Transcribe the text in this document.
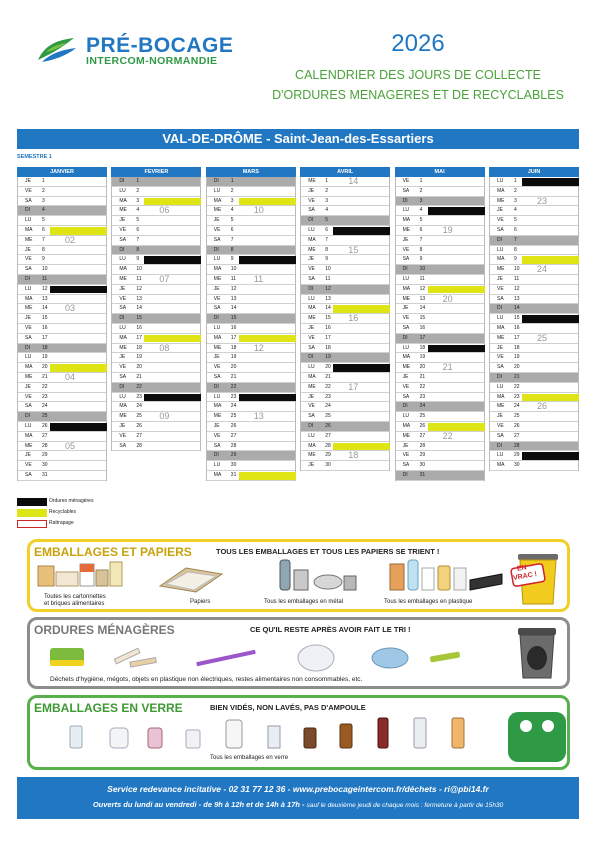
PRÉ-BOCAGE
INTERCOM-NORMANDIE
2026
CALENDRIER DES JOURS DE COLLECTE
D'ORDURES MENAGERES ET DE RECYCLABLES
VAL-DE-DRÔME - Saint-Jean-des-Essartiers
SEMESTRE 1
JANVIER
JE	1
VE	2
SA	3
DI	4
LU	5
MA	6
ME	7
JE	8
VE	9
SA	10
DI	11
LU	12
MA	13
ME	14
JE	15
VE	16
SA	17
DI	18
LU	19
MA	20
ME	21
JE	22
VE	23
SA	24
DI	25
LU	26
MA	27
ME	28
JE	29
VE	30
SA	31
02
03
04
05
FEVRIER
DI	1
LU	2
MA	3
ME	4
JE	5
VE	6
SA	7
DI	8
LU	9
MA	10
ME	11
JE	12
VE	13
SA	14
DI	15
LU	16
MA	17
ME	18
JE	19
VE	20
SA	21
DI	22
LU	23
MA	24
ME	25
JE	26
VE	27
SA	28
06
07
08
09
MARS
DI	1
LU	2
MA	3
ME	4
JE	5
VE	6
SA	7
DI	8
LU	9
MA	10
ME	11
JE	12
VE	13
SA	14
DI	15
LU	16
MA	17
ME	18
JE	19
VE	20
SA	21
DI	22
LU	23
MA	24
ME	25
JE	26
VE	27
SA	28
DI	29
LU	30
MA	31
10
11
12
13
AVRIL
ME	1
JE	2
VE	3
SA	4
DI	5
LU	6
MA	7
ME	8
JE	9
VE	10
SA	11
DI	12
LU	13
MA	14
ME	15
JE	16
VE	17
SA	18
DI	19
LU	20
MA	21
ME	22
JE	23
VE	24
SA	25
DI	26
LU	27
MA	28
ME	29
JE	30
14
15
16
17
18
MAI
VE	1
SA	2
DI	3
LU	4
MA	5
ME	6
JE	7
VE	8
SA	9
DI	10
LU	11
MA	12
ME	13
JE	14
VE	15
SA	16
DI	17
LU	18
MA	19
ME	20
JE	21
VE	22
SA	23
DI	24
LU	25
MA	26
ME	27
JE	28
VE	29
SA	30
DI	31
19
20
21
22
JUIN
LU	1
MA	2
ME	3
JE	4
VE	5
SA	6
DI	7
LU	8
MA	9
ME	10
JE	11
VE	12
SA	13
DI	14
LU	15
MA	16
ME	17
JE	18
VE	19
SA	20
DI	21
LU	22
MA	23
ME	24
JE	25
VE	26
SA	27
DI	28
LU	29
MA	30
23
24
25
26
Ordures ménagères
Recyclables
Rattrapage
EMBALLAGES ET PAPIERS	TOUS LES EMBALLAGES ET TOUS LES PAPIERS SE TRIENT !
Toutes les cartonnettes
et briques alimentaires	Papiers	Tous les emballages en métal	Tous les emballages en plastique
EN
VRAC !
ORDURES MÉNAGÈRES	CE QU'IL RESTE APRÈS AVOIR FAIT LE TRI !
Déchets d'hygiène, mégots, objets en plastique non électriques, restes alimentaires non consommables, etc.
EMBALLAGES EN VERRE	BIEN VIDÉS, NON LAVÉS, PAS D'AMPOULE
Tous les emballages en verre
Service redevance incitative - 02 31 77 12 36 - www.prebocageintercom.fr/déchets - ri@pbi14.fr
Ouverts du lundi au vendredi - de 9h à 12h et de 14h à 17h - sauf le deuxième jeudi de chaque mois : fermeture à partir de 15h30
